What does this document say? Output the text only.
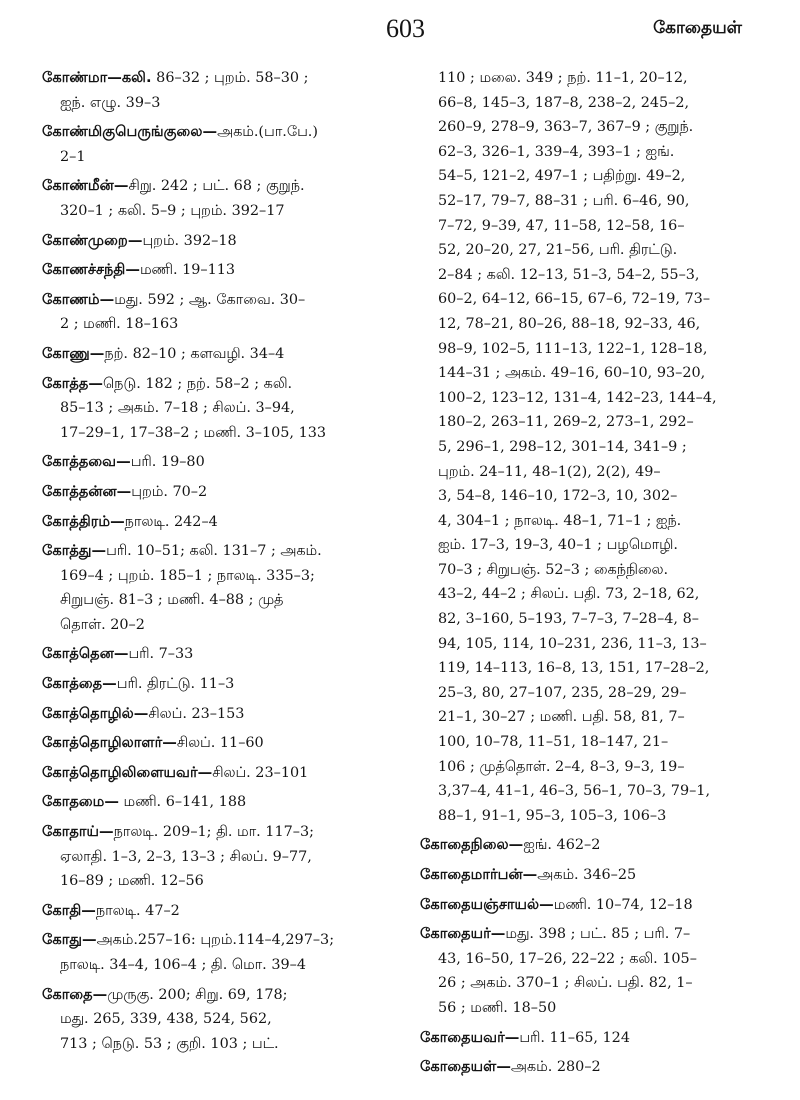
603	கோதையள்
கோண்மா—கலி. 86–32 ; புறம். 58–30 ;
ஐந். எழு. 39–3
கோண்மிகுபெருங்குலை—அகம்.(பா.பே.)
2–1
கோண்மீன்—சிறு. 242 ; பட். 68 ; குறுந்.
320–1 ; கலி. 5–9 ; புறம். 392–17
கோண்முறை—புறம். 392–18
கோணச்சந்தி—மணி. 19–113
கோணம்—மது. 592 ; ஆ. கோவை. 30–
2 ; மணி. 18–163
கோணு—நற். 82–10 ; களவழி. 34–4
கோத்த—நெடு. 182 ; நற். 58–2 ; கலி.
85–13 ; அகம். 7–18 ; சிலப். 3–94,
17–29–1, 17–38–2 ; மணி. 3–105, 133
கோத்தவை—பரி. 19–80
கோத்தன்ன—புறம். 70–2
கோத்திரம்—நாலடி. 242–4
கோத்து—பரி. 10–51; கலி. 131–7 ; அகம்.
169–4 ; புறம். 185–1 ; நாலடி. 335–3;
சிறுபஞ். 81–3 ; மணி. 4–88 ; முத்
தொள். 20–2
கோத்தென—பரி. 7–33
கோத்தை—பரி. திரட்டு. 11–3
கோத்தொழில்—சிலப். 23–153
கோத்தொழிலாளர்—சிலப். 11–60
கோத்தொழிலிளையவர்—சிலப். 23–101
கோதமை— மணி. 6–141, 188
கோதாய்—நாலடி. 209–1; தி. மா. 117–3;
ஏலாதி. 1–3, 2–3, 13–3 ; சிலப். 9–77,
16–89 ; மணி. 12–56
கோதி—நாலடி. 47–2
கோது—அகம்.257–16: புறம்.114–4,297–3;
நாலடி. 34–4, 106–4 ; தி. மொ. 39–4
கோதை—முருகு. 200; சிறு. 69, 178;
மது. 265, 339, 438, 524, 562,
713 ; நெடு. 53 ; குறி. 103 ; பட்.
110 ; மலை. 349 ; நற். 11–1, 20–12,
66–8, 145–3, 187–8, 238–2, 245–2,
260–9, 278–9, 363–7, 367–9 ; குறுந்.
62–3, 326–1, 339–4, 393–1 ; ஐங்.
54–5, 121–2, 497–1 ; பதிற்று. 49–2,
52–17, 79–7, 88–31 ; பரி. 6–46, 90,
7–72, 9–39, 47, 11–58, 12–58, 16–
52, 20–20, 27, 21–56, பரி. திரட்டு.
2–84 ; கலி. 12–13, 51–3, 54–2, 55–3,
60–2, 64–12, 66–15, 67–6, 72–19, 73–
12, 78–21, 80–26, 88–18, 92–33, 46,
98–9, 102–5, 111–13, 122–1, 128–18,
144–31 ; அகம். 49–16, 60–10, 93–20,
100–2, 123–12, 131–4, 142–23, 144–4,
180–2, 263–11, 269–2, 273–1, 292–
5, 296–1, 298–12, 301–14, 341–9 ;
புறம். 24–11, 48–1(2), 2(2), 49–
3, 54–8, 146–10, 172–3, 10, 302–
4, 304–1 ; நாலடி. 48–1, 71–1 ; ஐந்.
ஐம். 17–3, 19–3, 40–1 ; பழமொழி.
70–3 ; சிறுபஞ். 52–3 ; கைந்நிலை.
43–2, 44–2 ; சிலப். பதி. 73, 2–18, 62,
82, 3–160, 5–193, 7–7–3, 7–28–4, 8–
94, 105, 114, 10–231, 236, 11–3, 13–
119, 14–113, 16–8, 13, 151, 17–28–2,
25–3, 80, 27–107, 235, 28–29, 29–
21–1, 30–27 ; மணி. பதி. 58, 81, 7–
100, 10–78, 11–51, 18–147, 21–
106 ; முத்தொள். 2–4, 8–3, 9–3, 19–
3,37–4, 41–1, 46–3, 56–1, 70–3, 79–1,
88–1, 91–1, 95–3, 105–3, 106–3
கோதைநிலை—ஐங். 462–2
கோதைமார்பன்—அகம். 346–25
கோதையஞ்சாயல்—மணி. 10–74, 12–18
கோதையர்—மது. 398 ; பட். 85 ; பரி. 7–
43, 16–50, 17–26, 22–22 ; கலி. 105–
26 ; அகம். 370–1 ; சிலப். பதி. 82, 1–
56 ; மணி. 18–50
கோதையவர்—பரி. 11–65, 124
கோதையள்—அகம். 280–2
